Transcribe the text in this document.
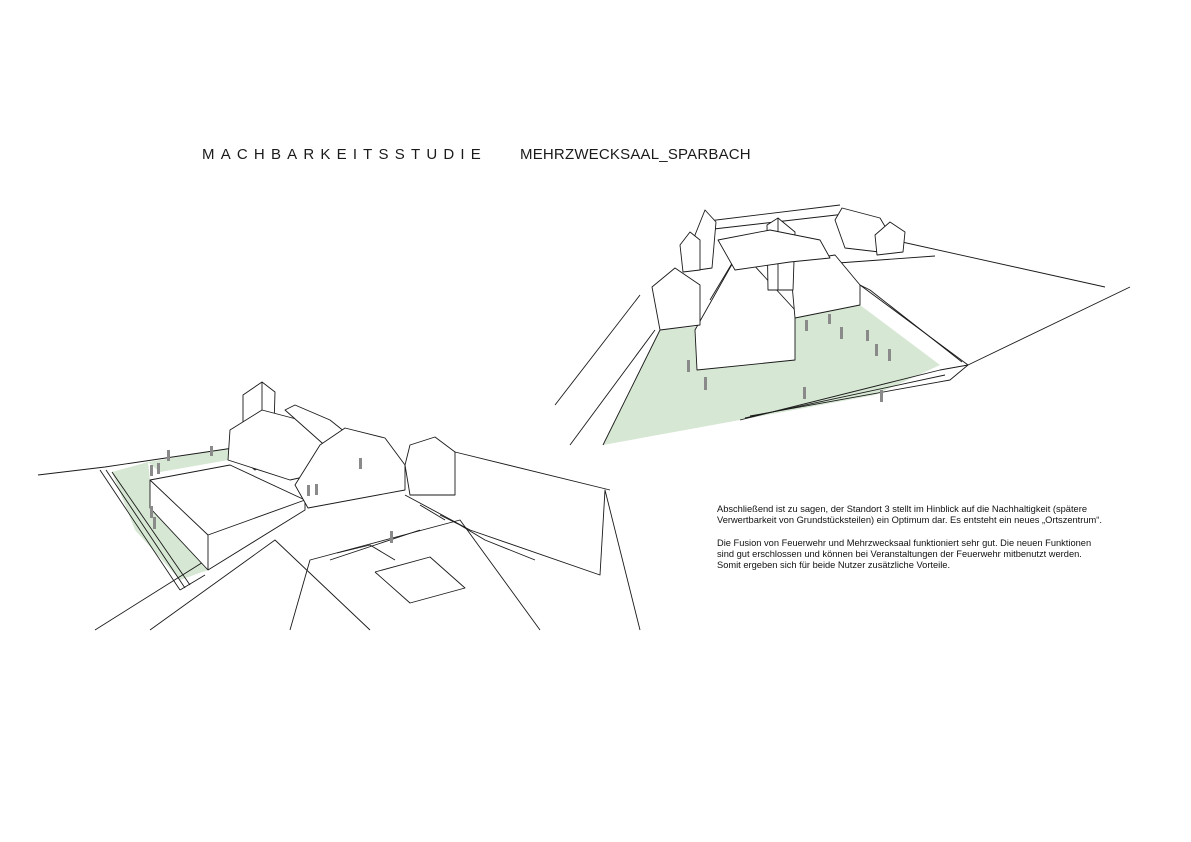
MACHBARKEITSSTUDIE MEHRZWECKSAAL_SPARBACH

Abschließend ist zu sagen, der Standort 3 stellt im Hinblick auf die Nachhaltigkeit (spätere Verwertbarkeit von Grundstücksteilen) ein Optimum dar. Es entsteht ein neues „Ortszentrum“.

Die Fusion von Feuerwehr und Mehrzwecksaal funktioniert sehr gut. Die neuen Funktionen sind gut erschlossen und können bei Veranstaltungen der Feuerwehr mitbenutzt werden. Somit ergeben sich für beide Nutzer zusätzliche Vorteile.
